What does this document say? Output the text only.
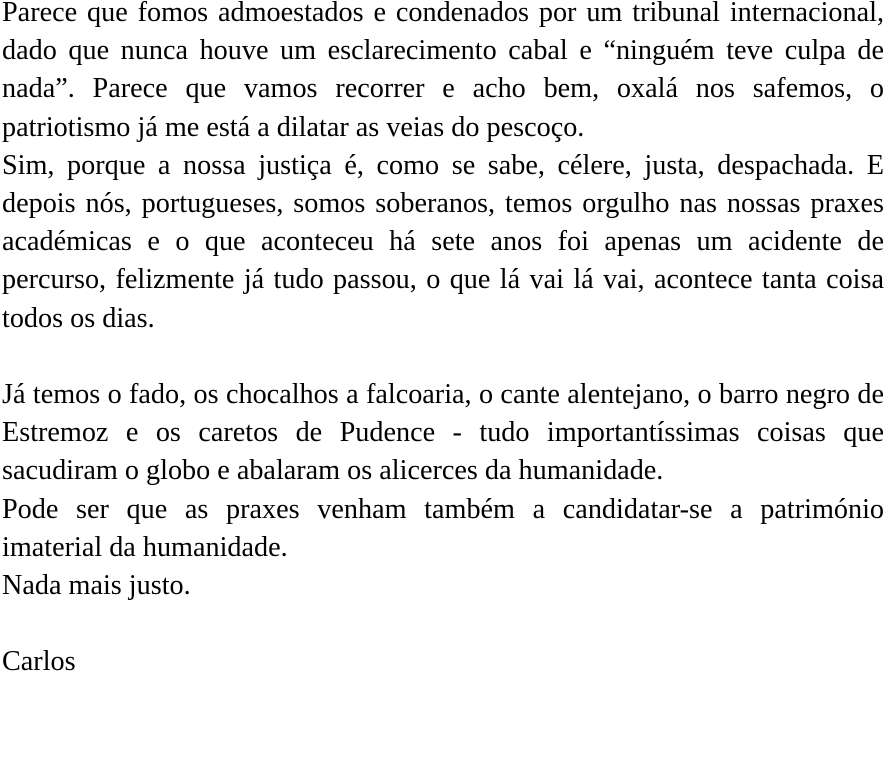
Parece que fomos admoestados e condenados por um tribunal internacional, dado que nunca houve um esclarecimento cabal e “ninguém teve culpa de nada”. Parece que vamos recorrer e acho bem, oxalá nos safemos, o patriotismo já me está a dilatar as veias do pescoço.

Sim, porque a nossa justiça é, como se sabe, célere, justa, despachada. E depois nós, portugueses, somos soberanos, temos orgulho nas nossas praxes académicas e o que aconteceu há sete anos foi apenas um acidente de percurso, felizmente já tudo passou, o que lá vai lá vai, acontece tanta coisa todos os dias.

Já temos o fado, os chocalhos a falcoaria, o cante alentejano, o barro negro de Estremoz e os caretos de Pudence - tudo importantíssimas coisas que sacudiram o globo e abalaram os alicerces da humanidade.

Pode ser que as praxes venham também a candidatar-se a património imaterial da humanidade.

Nada mais justo.

Carlos
